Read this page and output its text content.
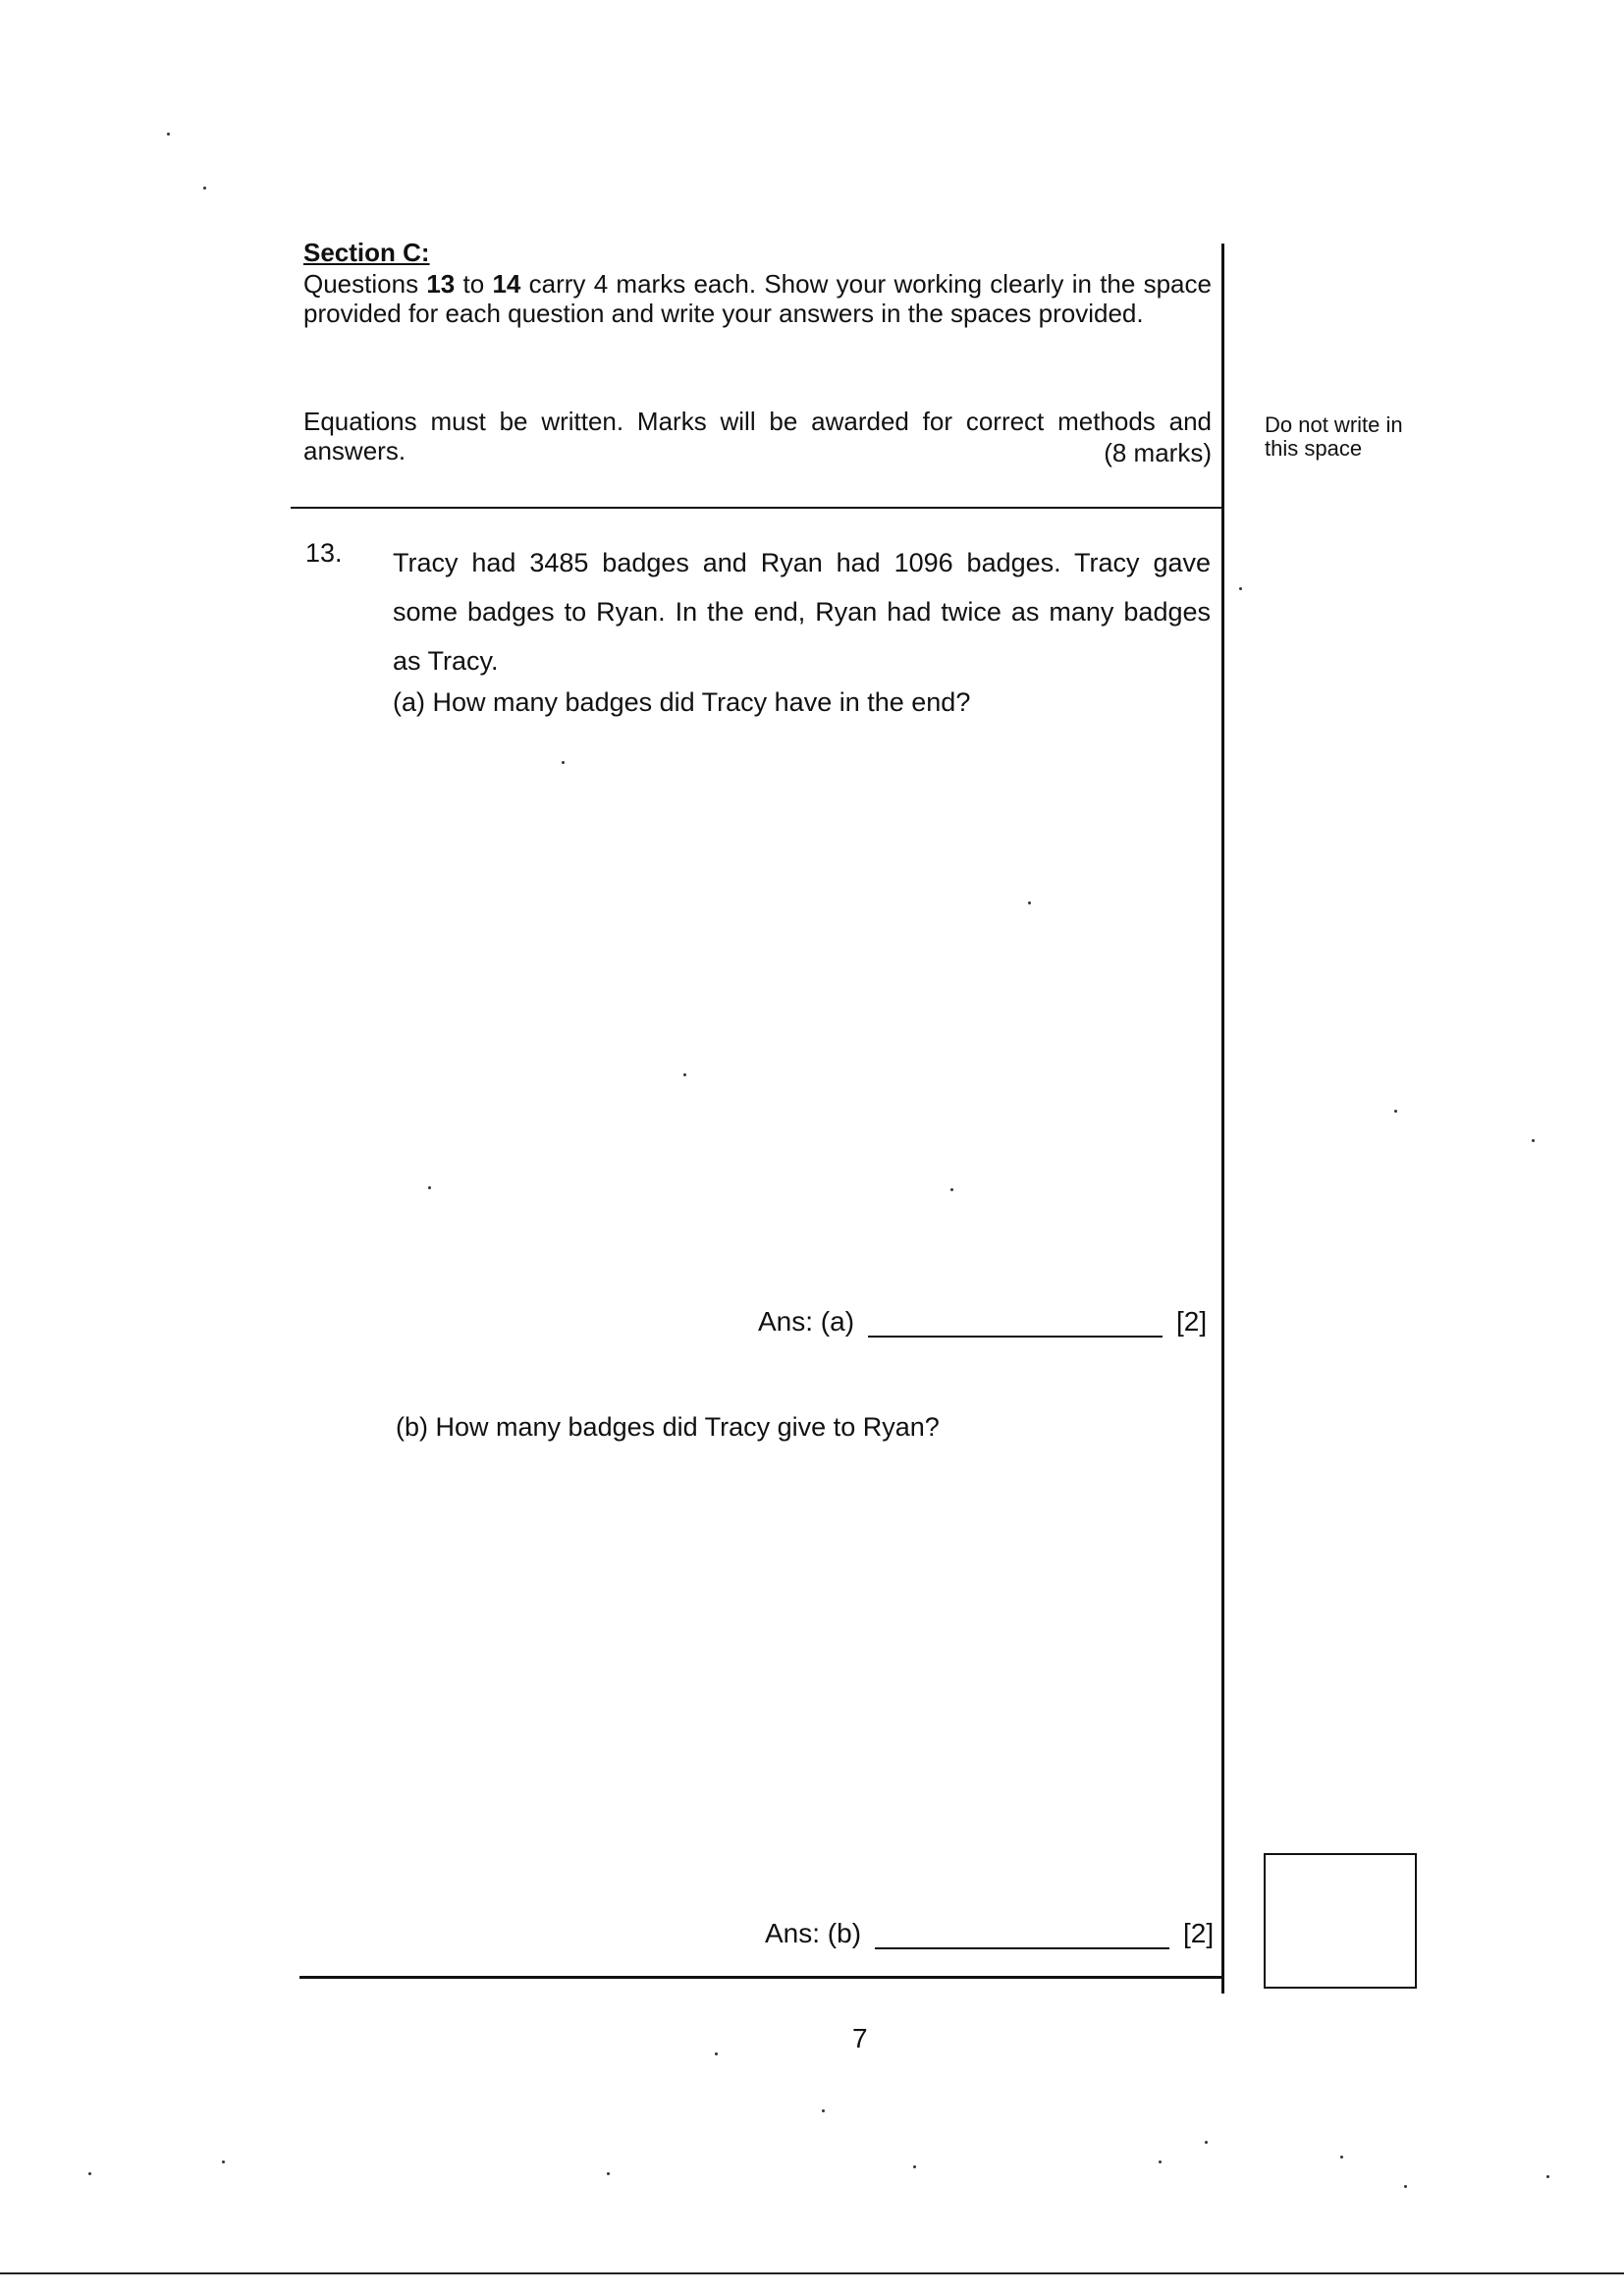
Section C:

Questions 13 to 14 carry 4 marks each. Show your working clearly in the space provided for each question and write your answers in the spaces provided.

Equations must be written. Marks will be awarded for correct methods and answers.	(8 marks)

Do not write in this space

13. Tracy had 3485 badges and Ryan had 1096 badges. Tracy gave some badges to Ryan. In the end, Ryan had twice as many badges as Tracy.

(a) How many badges did Tracy have in the end?

Ans: (a)	[2]

(b) How many badges did Tracy give to Ryan?

Ans: (b)	[2]

7
